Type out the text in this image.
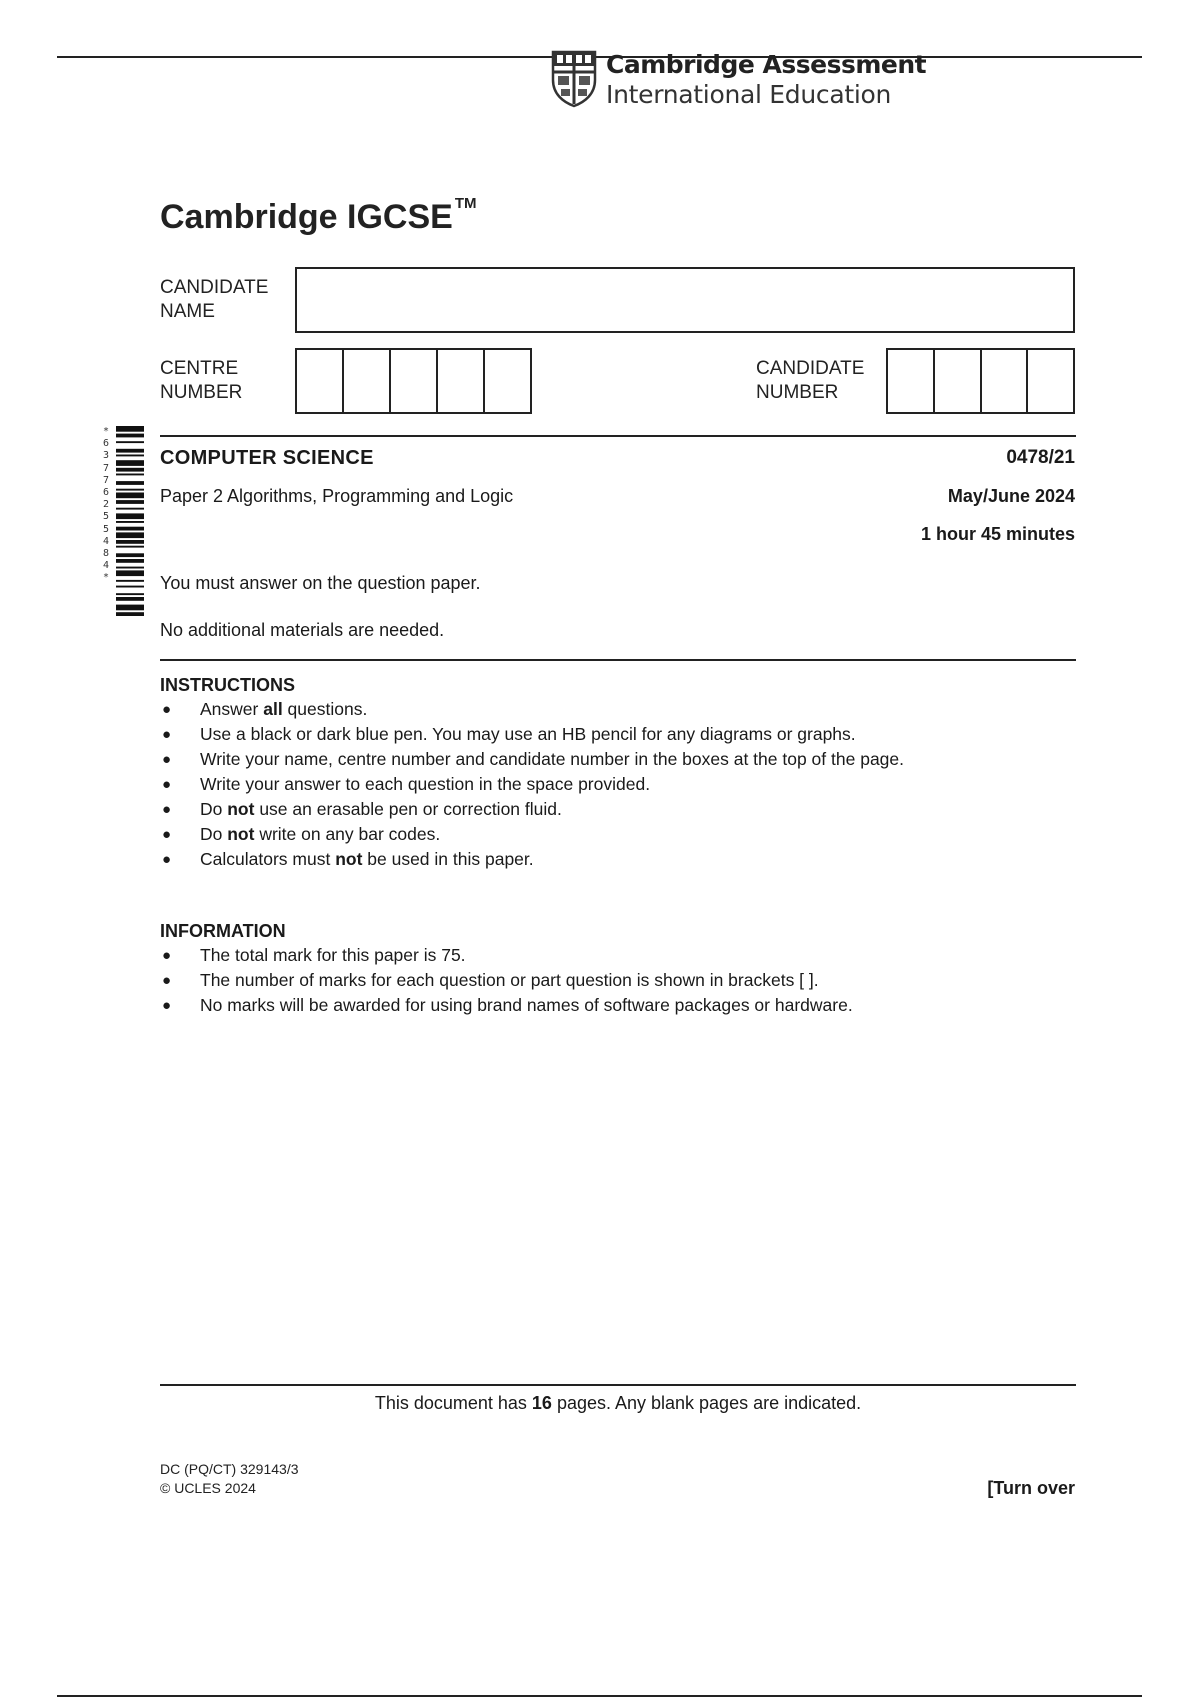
Cambridge Assessment
International Education
Cambridge IGCSE ™
CANDIDATE
NAME
CENTRE
NUMBER
CANDIDATE
NUMBER
*
6
3
7
7
6
2
5
5
4
8
4
*
COMPUTER SCIENCE	0478/21
Paper 2 Algorithms, Programming and Logic	May/June 2024
1 hour 45 minutes
You must answer on the question paper.
No additional materials are needed.
INSTRUCTIONS
● Answer all questions.
● Use a black or dark blue pen. You may use an HB pencil for any diagrams or graphs.
● Write your name, centre number and candidate number in the boxes at the top of the page.
● Write your answer to each question in the space provided.
● Do not use an erasable pen or correction fluid.
● Do not write on any bar codes.
● Calculators must not be used in this paper.
INFORMATION
● The total mark for this paper is 75.
● The number of marks for each question or part question is shown in brackets [ ].
● No marks will be awarded for using brand names of software packages or hardware.
This document has 16 pages. Any blank pages are indicated.
DC (PQ/CT) 329143/3
© UCLES 2024	[Turn over
